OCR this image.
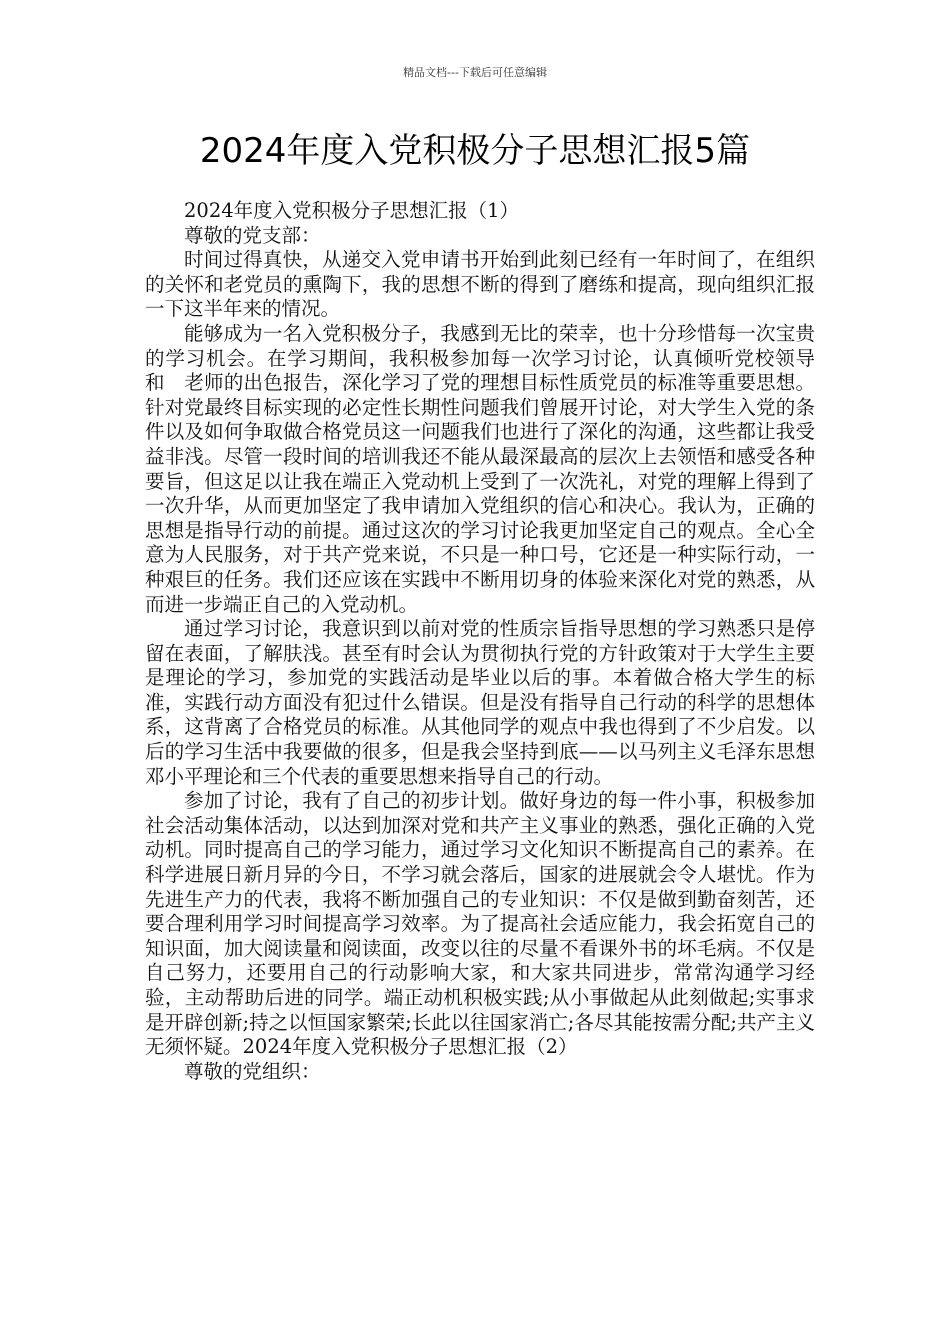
精品文档---下载后可任意编辑
2024年度入党积极分子思想汇报5篇

2024年度入党积极分子思想汇报（1）

尊敬的党支部：

时间过得真快，从递交入党申请书开始到此刻已经有一年时间了，在组织的关怀和老党员的熏陶下，我的思想不断的得到了磨练和提高，现向组织汇报一下这半年来的情况。

能够成为一名入党积极分子，我感到无比的荣幸，也十分珍惜每一次宝贵的学习机会。在学习期间，我积极参加每一次学习讨论，认真倾听党校领导　和　老师的出色报告，深化学习了党的理想目标性质党员的标准等重要思想。针对党最终目标实现的必定性长期性问题我们曾展开讨论，对大学生入党的条件以及如何争取做合格党员这一问题我们也进行了深化的沟通，这些都让我受益非浅。尽管一段时间的培训我还不能从最深最高的层次上去领悟和感受各种要旨，但这足以让我在端正入党动机上受到了一次洗礼，对党的理解上得到了一次升华，从而更加坚定了我申请加入党组织的信心和决心。我认为，正确的思想是指导行动的前提。通过这次的学习讨论我更加坚定自己的观点。全心全意为人民服务，对于共产党来说，不只是一种口号，它还是一种实际行动，一种艰巨的任务。我们还应该在实践中不断用切身的体验来深化对党的熟悉，从而进一步端正自己的入党动机。

通过学习讨论，我意识到以前对党的性质宗旨指导思想的学习熟悉只是停留在表面，了解肤浅。甚至有时会认为贯彻执行党的方针政策对于大学生主要是理论的学习，参加党的实践活动是毕业以后的事。本着做合格大学生的标准，实践行动方面没有犯过什么错误。但是没有指导自己行动的科学的思想体系，这背离了合格党员的标准。从其他同学的观点中我也得到了不少启发。以后的学习生活中我要做的很多，但是我会坚持到底——以马列主义毛泽东思想邓小平理论和三个代表的重要思想来指导自己的行动。

参加了讨论，我有了自己的初步计划。做好身边的每一件小事，积极参加社会活动集体活动，以达到加深对党和共产主义事业的熟悉，强化正确的入党动机。同时提高自己的学习能力，通过学习文化知识不断提高自己的素养。在科学进展日新月异的今日，不学习就会落后，国家的进展就会令人堪忧。作为先进生产力的代表，我将不断加强自己的专业知识：不仅是做到勤奋刻苦，还要合理利用学习时间提高学习效率。为了提高社会适应能力，我会拓宽自己的知识面，加大阅读量和阅读面，改变以往的尽量不看课外书的坏毛病。不仅是自己努力，还要用自己的行动影响大家，和大家共同进步，常常沟通学习经验，主动帮助后进的同学。端正动机积极实践;从小事做起从此刻做起;实事求是开辟创新;持之以恒国家繁荣;长此以往国家消亡;各尽其能按需分配;共产主义无须怀疑。2024年度入党积极分子思想汇报（2）

尊敬的党组织：
